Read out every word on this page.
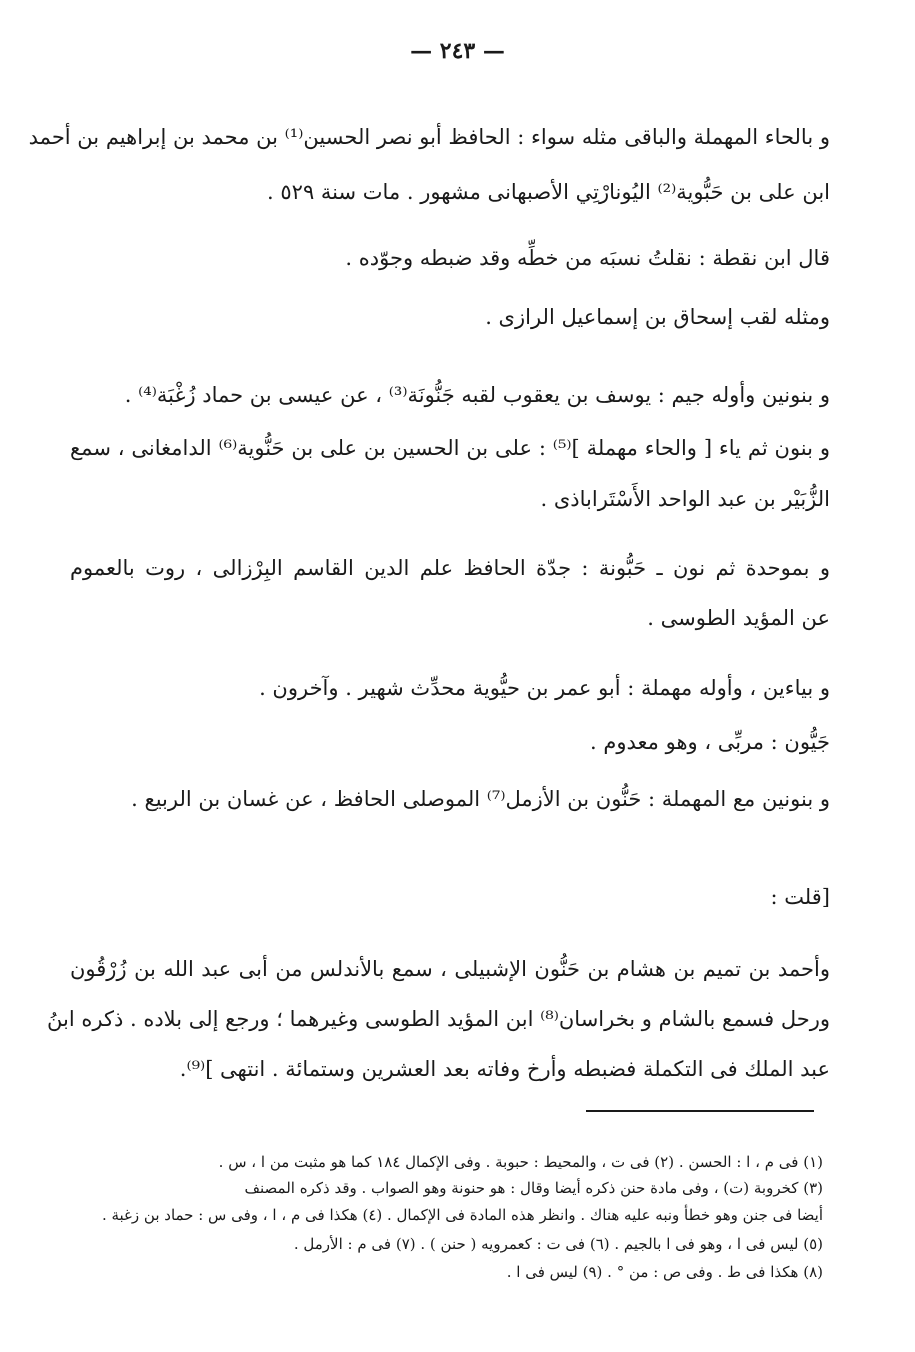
— ٢٤٣ —
و بالحاء المهملة والباقى مثله سواء : الحافظ أبو نصر الحسين⁽¹⁾ بن محمد بن إبراهيم بن أحمد
ابن على بن حَبُّوية⁽²⁾ اليُونارْتِي الأصبهانى مشهور . مات سنة ٥٢٩ .
قال ابن نقطة : نقلتُ نسبَه من خطِّه وقد ضبطه وجوّده .
ومثله لقب إسحاق بن إسماعيل الرازى .
و بنونين وأوله جيم : يوسف بن يعقوب لقبه جَنُّونَة⁽³⁾ ، عن عيسى بن حماد زُغْبَة⁽⁴⁾ .
و بنون ثم ياء [ والحاء مهملة ]⁽⁵⁾ : على بن الحسين بن على بن حَنُّوية⁽⁶⁾ الدامغانى ، سمع
الزُّبَيْر بن عبد الواحد الأَسْتَراباذى .
و بموحدة ثم نون ـ حَبُّونة : جدّة الحافظ علم الدين القاسم البِرْزالى ، روت بالعموم
عن المؤيد الطوسى .
و بياءين ، وأوله مهملة : أبو عمر بن حيُّوية محدِّث شهير . وآخرون .
جَيُّون : مربِّى ، وهو معدوم .
و بنونين مع المهملة : حَنُّون بن الأزمل⁽⁷⁾ الموصلى الحافظ ، عن غسان بن الربيع .
[قلت :
وأحمد بن تميم بن هشام بن حَنُّون الإشبيلى ، سمع بالأندلس من أبى عبد الله بن زُرْقُون
ورحل فسمع بالشام و بخراسان⁽⁸⁾ ابن المؤيد الطوسى وغيرهما ؛ ورجع إلى بلاده . ذكره ابنُ
عبد الملك فى التكملة فضبطه وأرخ وفاته بعد العشرين وستمائة . انتهى ]⁽⁹⁾.
(١) فى م ، ا : الحسن . (٢) فى ت ، والمحيط : حبوبة . وفى الإكمال ١٨٤ كما هو مثبت من ا ، س .
(٣) كخروبة (ت) ، وفى مادة حنن ذكره أيضا وقال : هو حنونة وهو الصواب . وقد ذكره المصنف
أيضا فى جنن وهو خطأ ونبه عليه هناك . وانظر هذه المادة فى الإكمال . (٤) هكذا فى م ، ا ، وفى س : حماد بن زغبة .
(٥) ليس فى ا ، وهو فى ا بالجيم . (٦) فى ت : كعمرويه ( حنن ) . (٧) فى م : الأرمل .
(٨) هكذا فى ط . وفى ص : من ° . (٩) ليس فى ا .
